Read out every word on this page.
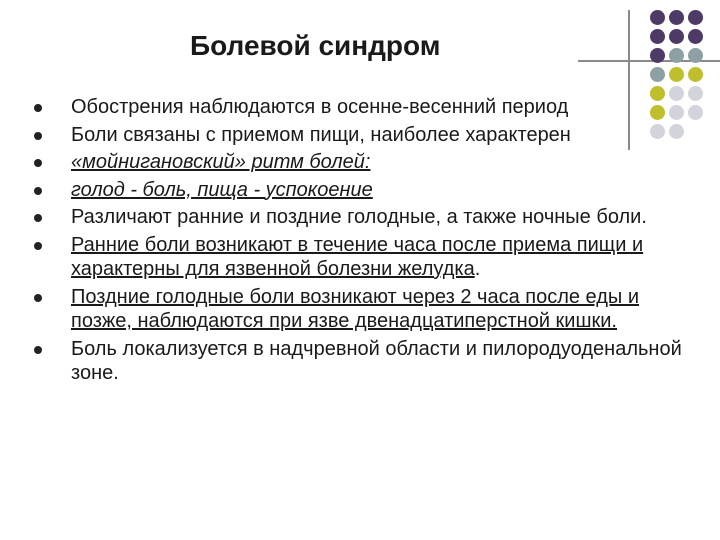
Болевой синдром
Обострения наблюдаются в осенне-весенний период
Боли связаны с приемом пищи, наиболее характерен
«мойнигановский» ритм болей:
голод - боль, пища - успокоение
Различают ранние и поздние голодные, а также ночные боли.
Ранние боли возникают в течение часа после приема пищи и характерны для язвенной болезни желудка.
Поздние голодные боли возникают через 2 часа после еды и позже, наблюдаются при язве двенадцатиперстной кишки.
Боль локализуется в надчревной области и пилородуоденальной зоне.
